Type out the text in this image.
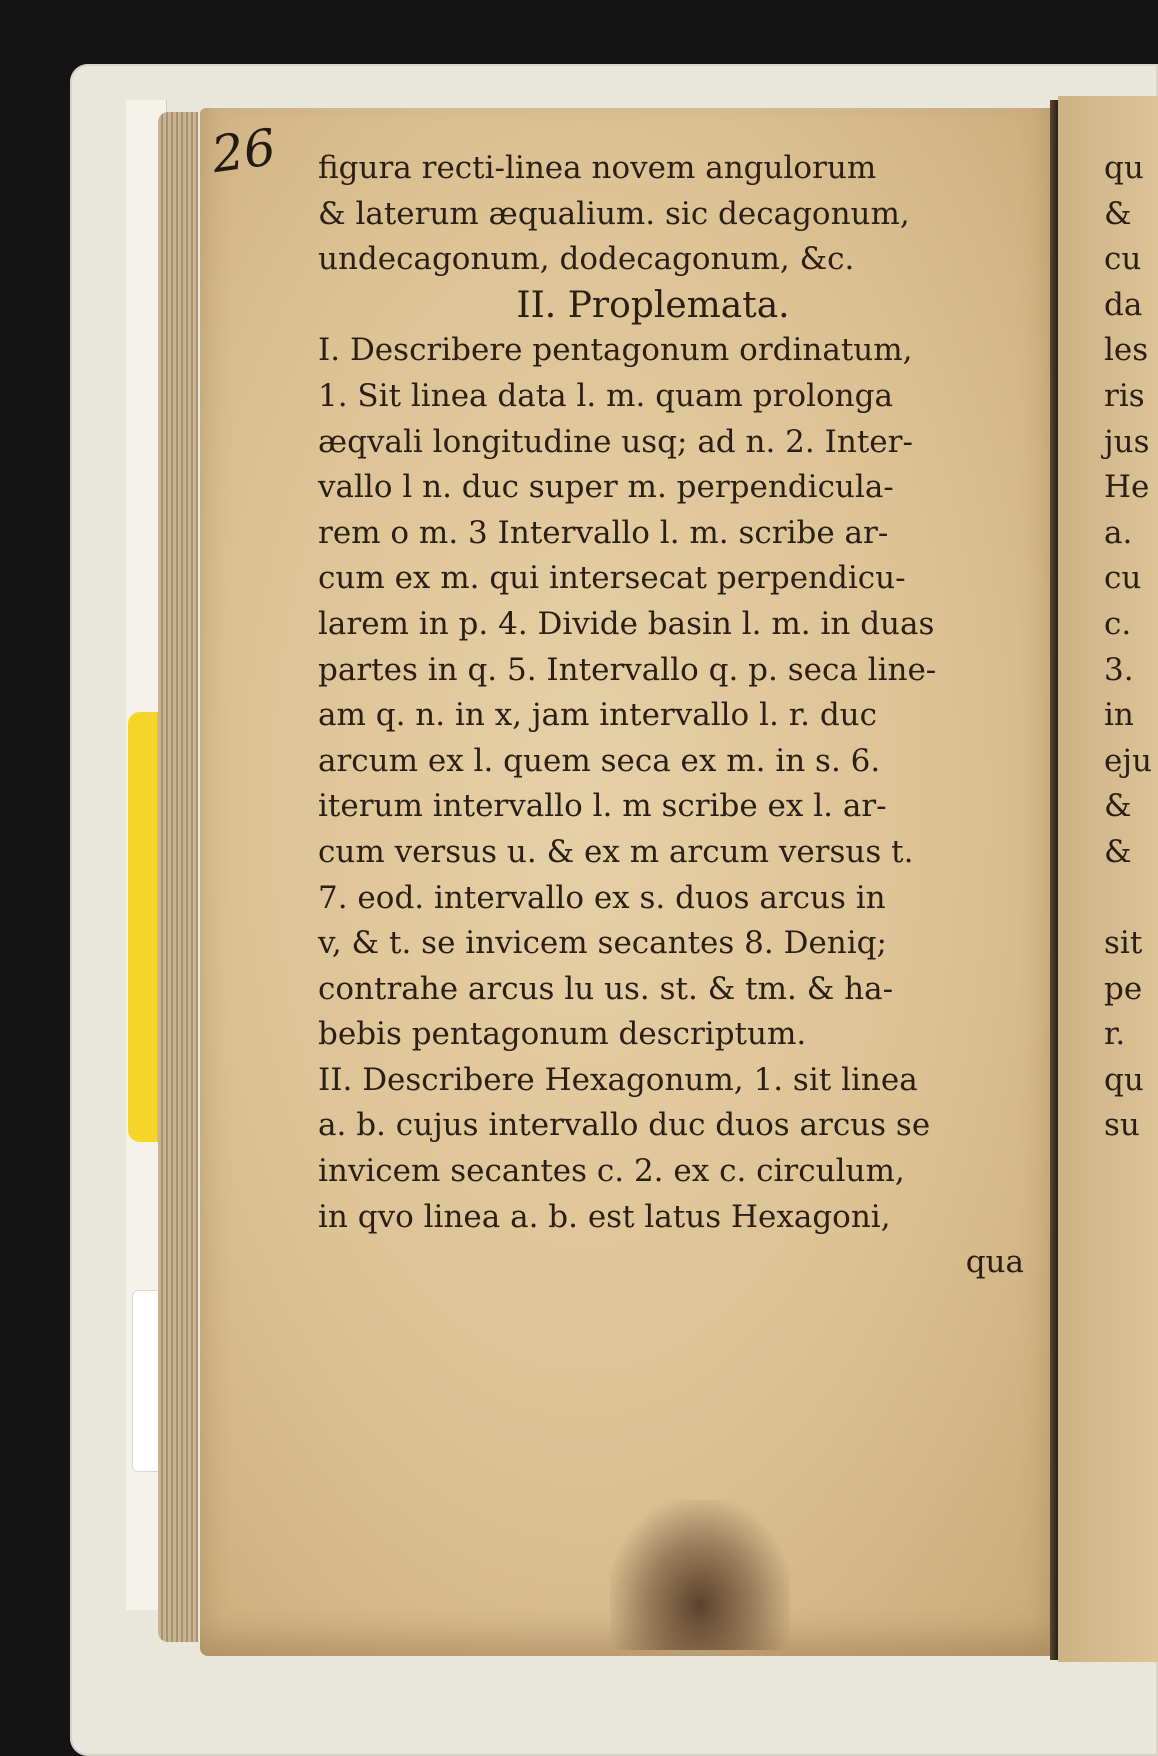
26 figura recti-linea novem angulorum
& laterum æqualium. sic decagonum,
undecagonum, dodecagonum, &c.
II. Proplemata.
I. Describere pentagonum ordinatum,
1. Sit linea data l. m. quam prolonga
æqvali longitudine usq; ad n. 2. Inter-
vallo l n. duc super m. perpendicula-
rem o m. 3 Intervallo l. m. scribe ar-
cum ex m. qui intersecat perpendicu-
larem in p. 4. Divide basin l. m. in duas
partes in q. 5. Intervallo q. p. seca line-
am q. n. in x, jam intervallo l. r. duc
arcum ex l. quem seca ex m. in s. 6.
iterum intervallo l. m scribe ex l. ar-
cum versus u. & ex m arcum versus t.
7. eod. intervallo ex s. duos arcus in
v, & t. se invicem secantes 8. Deniq;
contrahe arcus lu us. st. & tm. & ha-
bebis pentagonum descriptum.
II. Describere Hexagonum, 1. sit linea
a. b. cujus intervallo duc duos arcus se
invicem secantes c. 2. ex c. circulum,
in qvo linea a. b. est latus Hexagoni,
qua
qu
&
cu
da
les
ris
jus
He
a.
cu
c.
3.
in
eju
&
&
sit
pe
r.
qu
su
